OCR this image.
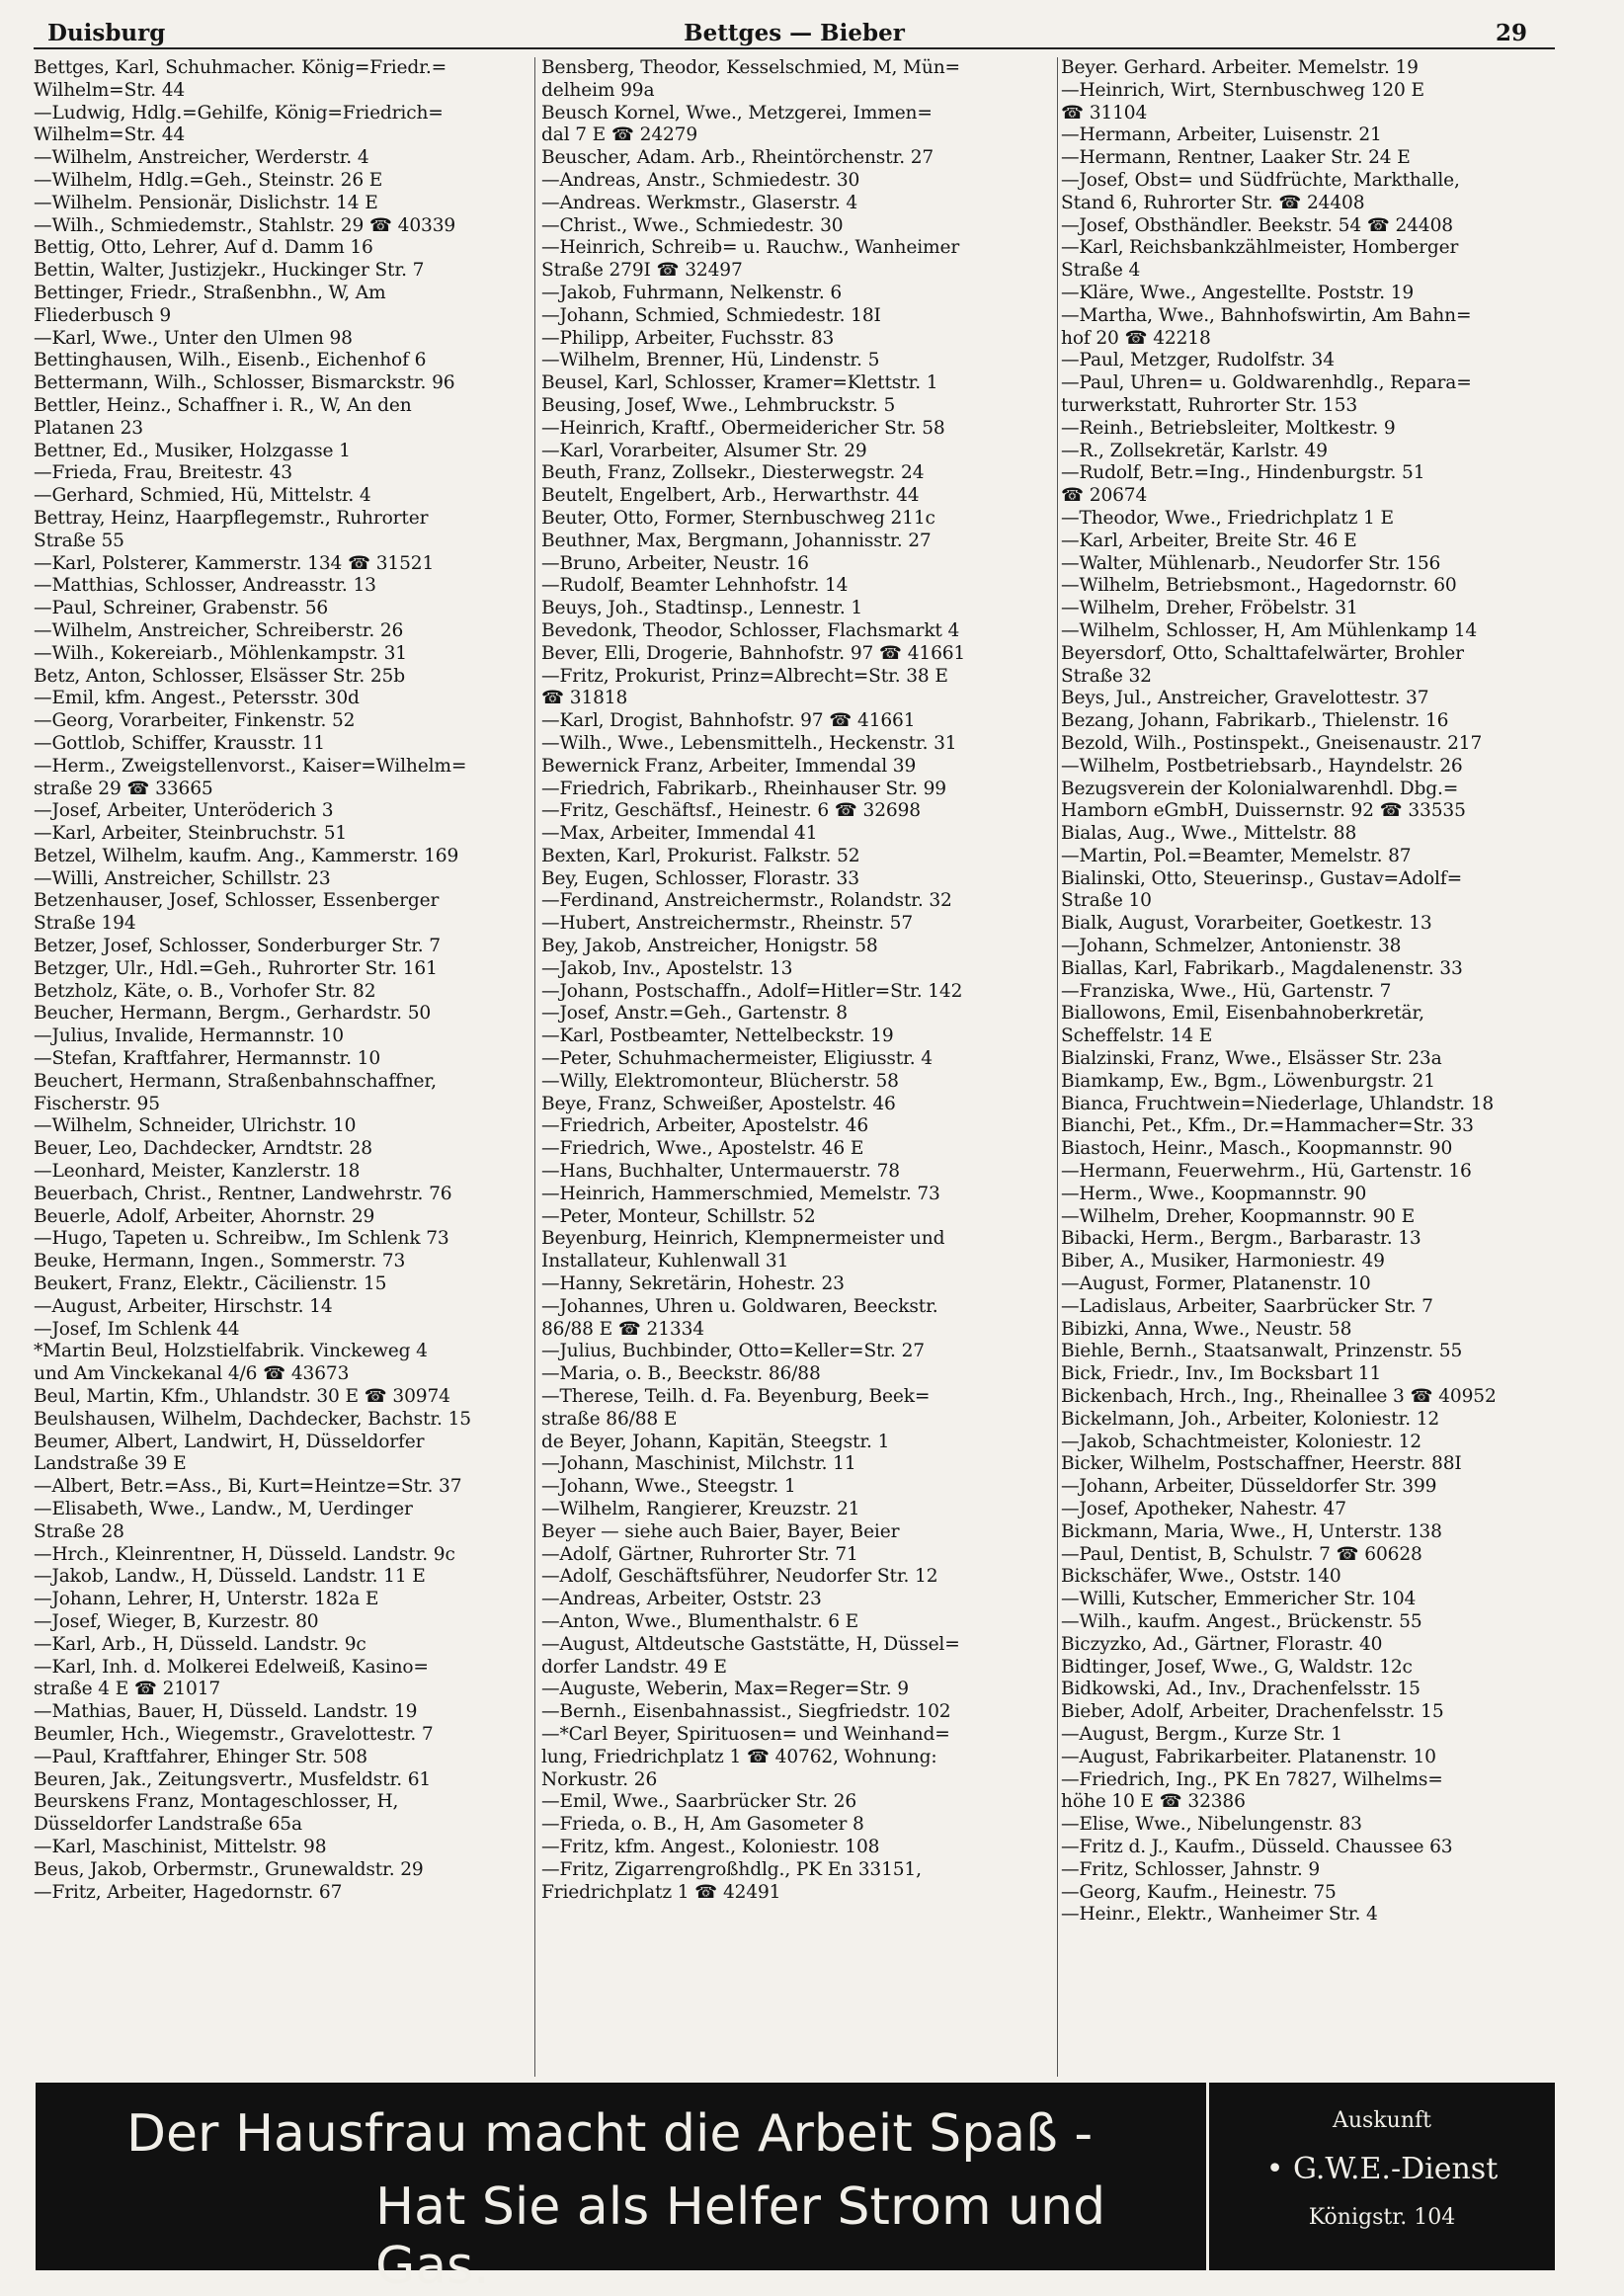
Bettges — Bieber
Duisburg	29
Bettges, Karl, Schuhmacher. König=Friedr.=
Wilhelm=Str. 44
—Ludwig, Hdlg.=Gehilfe, König=Friedrich=
Wilhelm=Str. 44
—Wilhelm, Anstreicher, Werderstr. 4
—Wilhelm, Hdlg.=Geh., Steinstr. 26 E
—Wilhelm. Pensionär, Dislichstr. 14 E
—Wilh., Schmiedemstr., Stahlstr. 29 ☎ 40339
Bettig, Otto, Lehrer, Auf d. Damm 16
Bettin, Walter, Justizjekr., Huckinger Str. 7
Bettinger, Friedr., Straßenbhn., W, Am
Fliederbusch 9
—Karl, Wwe., Unter den Ulmen 98
Bettinghausen, Wilh., Eisenb., Eichenhof 6
Bettermann, Wilh., Schlosser, Bismarckstr. 96
Bettler, Heinz., Schaffner i. R., W, An den
Platanen 23
Bettner, Ed., Musiker, Holzgasse 1
—Frieda, Frau, Breitestr. 43
—Gerhard, Schmied, Hü, Mittelstr. 4
Bettray, Heinz, Haarpflegemstr., Ruhrorter
Straße 55
—Karl, Polsterer, Kammerstr. 134 ☎ 31521
—Matthias, Schlosser, Andreasstr. 13
—Paul, Schreiner, Grabenstr. 56
—Wilhelm, Anstreicher, Schreiberstr. 26
—Wilh., Kokereiarb., Möhlenkampstr. 31
Betz, Anton, Schlosser, Elsässer Str. 25b
—Emil, kfm. Angest., Petersstr. 30d
—Georg, Vorarbeiter, Finkenstr. 52
—Gottlob, Schiffer, Krausstr. 11
—Herm., Zweigstellenvorst., Kaiser=Wilhelm=
straße 29 ☎ 33665
—Josef, Arbeiter, Unteröderich 3
—Karl, Arbeiter, Steinbruchstr. 51
Betzel, Wilhelm, kaufm. Ang., Kammerstr. 169
—Willi, Anstreicher, Schillstr. 23
Betzenhauser, Josef, Schlosser, Essenberger
Straße 194
Betzer, Josef, Schlosser, Sonderburger Str. 7
Betzger, Ulr., Hdl.=Geh., Ruhrorter Str. 161
Betzholz, Käte, o. B., Vorhofer Str. 82
Beucher, Hermann, Bergm., Gerhardstr. 50
—Julius, Invalide, Hermannstr. 10
—Stefan, Kraftfahrer, Hermannstr. 10
Beuchert, Hermann, Straßenbahnschaffner,
Fischerstr. 95
—Wilhelm, Schneider, Ulrichstr. 10
Beuer, Leo, Dachdecker, Arndtstr. 28
—Leonhard, Meister, Kanzlerstr. 18
Beuerbach, Christ., Rentner, Landwehrstr. 76
Beuerle, Adolf, Arbeiter, Ahornstr. 29
—Hugo, Tapeten u. Schreibw., Im Schlenk 73
Beuke, Hermann, Ingen., Sommerstr. 73
Beukert, Franz, Elektr., Cäcilienstr. 15
—August, Arbeiter, Hirschstr. 14
—Josef, Im Schlenk 44
*Martin Beul, Holzstielfabrik. Vinckeweg 4
und Am Vinckekanal 4/6 ☎ 43673
Beul, Martin, Kfm., Uhlandstr. 30 E ☎ 30974
Beulshausen, Wilhelm, Dachdecker, Bachstr. 15
Beumer, Albert, Landwirt, H, Düsseldorfer
Landstraße 39 E
—Albert, Betr.=Ass., Bi, Kurt=Heintze=Str. 37
—Elisabeth, Wwe., Landw., M, Uerdinger
Straße 28
—Hrch., Kleinrentner, H, Düsseld. Landstr. 9c
—Jakob, Landw., H, Düsseld. Landstr. 11 E
—Johann, Lehrer, H, Unterstr. 182a E
—Josef, Wieger, B, Kurzestr. 80
—Karl, Arb., H, Düsseld. Landstr. 9c
—Karl, Inh. d. Molkerei Edelweiß, Kasino=
straße 4 E ☎ 21017
—Mathias, Bauer, H, Düsseld. Landstr. 19
Beumler, Hch., Wiegemstr., Gravelottestr. 7
—Paul, Kraftfahrer, Ehinger Str. 508
Beuren, Jak., Zeitungsvertr., Musfeldstr. 61
Beurskens Franz, Montageschlosser, H,
Düsseldorfer Landstraße 65a
—Karl, Maschinist, Mittelstr. 98
Beus, Jakob, Orbermstr., Grunewaldstr. 29
—Fritz, Arbeiter, Hagedornstr. 67
Bensberg, Theodor, Kesselschmied, M, Mün=
delheim 99a
Beusch Kornel, Wwe., Metzgerei, Immen=
dal 7 E ☎ 24279
Beuscher, Adam. Arb., Rheintörchenstr. 27
—Andreas, Anstr., Schmiedestr. 30
—Andreas. Werkmstr., Glaserstr. 4
—Christ., Wwe., Schmiedestr. 30
—Heinrich, Schreib= u. Rauchw., Wanheimer
Straße 279I ☎ 32497
—Jakob, Fuhrmann, Nelkenstr. 6
—Johann, Schmied, Schmiedestr. 18I
—Philipp, Arbeiter, Fuchsstr. 83
—Wilhelm, Brenner, Hü, Lindenstr. 5
Beusel, Karl, Schlosser, Kramer=Klettstr. 1
Beusing, Josef, Wwe., Lehmbruckstr. 5
—Heinrich, Kraftf., Obermeidericher Str. 58
—Karl, Vorarbeiter, Alsumer Str. 29
Beuth, Franz, Zollsekr., Diesterwegstr. 24
Beutelt, Engelbert, Arb., Herwarthstr. 44
Beuter, Otto, Former, Sternbuschweg 211c
Beuthner, Max, Bergmann, Johannisstr. 27
—Bruno, Arbeiter, Neustr. 16
—Rudolf, Beamter Lehnhofstr. 14
Beuys, Joh., Stadtinsp., Lennestr. 1
Bevedonk, Theodor, Schlosser, Flachsmarkt 4
Bever, Elli, Drogerie, Bahnhofstr. 97 ☎ 41661
—Fritz, Prokurist, Prinz=Albrecht=Str. 38 E
☎ 31818
—Karl, Drogist, Bahnhofstr. 97 ☎ 41661
—Wilh., Wwe., Lebensmittelh., Heckenstr. 31
Bewernick Franz, Arbeiter, Immendal 39
—Friedrich, Fabrikarb., Rheinhauser Str. 99
—Fritz, Geschäftsf., Heinestr. 6 ☎ 32698
—Max, Arbeiter, Immendal 41
Bexten, Karl, Prokurist. Falkstr. 52
Bey, Eugen, Schlosser, Florastr. 33
—Ferdinand, Anstreichermstr., Rolandstr. 32
—Hubert, Anstreichermstr., Rheinstr. 57
Bey, Jakob, Anstreicher, Honigstr. 58
—Jakob, Inv., Apostelstr. 13
—Johann, Postschaffn., Adolf=Hitler=Str. 142
—Josef, Anstr.=Geh., Gartenstr. 8
—Karl, Postbeamter, Nettelbeckstr. 19
—Peter, Schuhmachermeister, Eligiusstr. 4
—Willy, Elektromonteur, Blücherstr. 58
Beye, Franz, Schweißer, Apostelstr. 46
—Friedrich, Arbeiter, Apostelstr. 46
—Friedrich, Wwe., Apostelstr. 46 E
—Hans, Buchhalter, Untermauerstr. 78
—Heinrich, Hammerschmied, Memelstr. 73
—Peter, Monteur, Schillstr. 52
Beyenburg, Heinrich, Klempnermeister und
Installateur, Kuhlenwall 31
—Hanny, Sekretärin, Hohestr. 23
—Johannes, Uhren u. Goldwaren, Beeckstr.
86/88 E ☎ 21334
—Julius, Buchbinder, Otto=Keller=Str. 27
—Maria, o. B., Beeckstr. 86/88
—Therese, Teilh. d. Fa. Beyenburg, Beek=
straße 86/88 E
de Beyer, Johann, Kapitän, Steegstr. 1
—Johann, Maschinist, Milchstr. 11
—Johann, Wwe., Steegstr. 1
—Wilhelm, Rangierer, Kreuzstr. 21
Beyer — siehe auch Baier, Bayer, Beier
—Adolf, Gärtner, Ruhrorter Str. 71
—Adolf, Geschäftsführer, Neudorfer Str. 12
—Andreas, Arbeiter, Oststr. 23
—Anton, Wwe., Blumenthalstr. 6 E
—August, Altdeutsche Gaststätte, H, Düssel=
dorfer Landstr. 49 E
—Auguste, Weberin, Max=Reger=Str. 9
—Bernh., Eisenbahnassist., Siegfriedstr. 102
—*Carl Beyer, Spirituosen= und Weinhand=
lung, Friedrichplatz 1 ☎ 40762, Wohnung:
Norkustr. 26
—Emil, Wwe., Saarbrücker Str. 26
—Frieda, o. B., H, Am Gasometer 8
—Fritz, kfm. Angest., Koloniestr. 108
—Fritz, Zigarrengroßhdlg., PK En 33151,
Friedrichplatz 1 ☎ 42491
Beyer. Gerhard. Arbeiter. Memelstr. 19
—Heinrich, Wirt, Sternbuschweg 120 E
☎ 31104
—Hermann, Arbeiter, Luisenstr. 21
—Hermann, Rentner, Laaker Str. 24 E
—Josef, Obst= und Südfrüchte, Markthalle,
Stand 6, Ruhrorter Str. ☎ 24408
—Josef, Obsthändler. Beekstr. 54 ☎ 24408
—Karl, Reichsbankzählmeister, Homberger
Straße 4
—Kläre, Wwe., Angestellte. Poststr. 19
—Martha, Wwe., Bahnhofswirtin, Am Bahn=
hof 20 ☎ 42218
—Paul, Metzger, Rudolfstr. 34
—Paul, Uhren= u. Goldwarenhdlg., Repara=
turwerkstatt, Ruhrorter Str. 153
—Reinh., Betriebsleiter, Moltkestr. 9
—R., Zollsekretär, Karlstr. 49
—Rudolf, Betr.=Ing., Hindenburgstr. 51
☎ 20674
—Theodor, Wwe., Friedrichplatz 1 E
—Karl, Arbeiter, Breite Str. 46 E
—Walter, Mühlenarb., Neudorfer Str. 156
—Wilhelm, Betriebsmont., Hagedornstr. 60
—Wilhelm, Dreher, Fröbelstr. 31
—Wilhelm, Schlosser, H, Am Mühlenkamp 14
Beyersdorf, Otto, Schalttafelwärter, Brohler
Straße 32
Beys, Jul., Anstreicher, Gravelottestr. 37
Bezang, Johann, Fabrikarb., Thielenstr. 16
Bezold, Wilh., Postinspekt., Gneisenaustr. 217
—Wilhelm, Postbetriebsarb., Hayndelstr. 26
Bezugsverein der Kolonialwarenhdl. Dbg.=
Hamborn eGmbH, Duissernstr. 92 ☎ 33535
Bialas, Aug., Wwe., Mittelstr. 88
—Martin, Pol.=Beamter, Memelstr. 87
Bialinski, Otto, Steuerinsp., Gustav=Adolf=
Straße 10
Bialk, August, Vorarbeiter, Goetkestr. 13
—Johann, Schmelzer, Antonienstr. 38
Biallas, Karl, Fabrikarb., Magdalenenstr. 33
—Franziska, Wwe., Hü, Gartenstr. 7
Biallowons, Emil, Eisenbahnoberkretär,
Scheffelstr. 14 E
Bialzinski, Franz, Wwe., Elsässer Str. 23a
Biamkamp, Ew., Bgm., Löwenburgstr. 21
Bianca, Fruchtwein=Niederlage, Uhlandstr. 18
Bianchi, Pet., Kfm., Dr.=Hammacher=Str. 33
Biastoch, Heinr., Masch., Koopmannstr. 90
—Hermann, Feuerwehrm., Hü, Gartenstr. 16
—Herm., Wwe., Koopmannstr. 90
—Wilhelm, Dreher, Koopmannstr. 90 E
Bibacki, Herm., Bergm., Barbarastr. 13
Biber, A., Musiker, Harmoniestr. 49
—August, Former, Platanenstr. 10
—Ladislaus, Arbeiter, Saarbrücker Str. 7
Bibizki, Anna, Wwe., Neustr. 58
Biehle, Bernh., Staatsanwalt, Prinzenstr. 55
Bick, Friedr., Inv., Im Bocksbart 11
Bickenbach, Hrch., Ing., Rheinallee 3 ☎ 40952
Bickelmann, Joh., Arbeiter, Koloniestr. 12
—Jakob, Schachtmeister, Koloniestr. 12
Bicker, Wilhelm, Postschaffner, Heerstr. 88I
—Johann, Arbeiter, Düsseldorfer Str. 399
—Josef, Apotheker, Nahestr. 47
Bickmann, Maria, Wwe., H, Unterstr. 138
—Paul, Dentist, B, Schulstr. 7 ☎ 60628
Bickschäfer, Wwe., Oststr. 140
—Willi, Kutscher, Emmericher Str. 104
—Wilh., kaufm. Angest., Brückenstr. 55
Biczyzko, Ad., Gärtner, Florastr. 40
Bidtinger, Josef, Wwe., G, Waldstr. 12c
Bidkowski, Ad., Inv., Drachenfelsstr. 15
Bieber, Adolf, Arbeiter, Drachenfelsstr. 15
—August, Bergm., Kurze Str. 1
—August, Fabrikarbeiter. Platanenstr. 10
—Friedrich, Ing., PK En 7827, Wilhelms=
höhe 10 E ☎ 32386
—Elise, Wwe., Nibelungenstr. 83
—Fritz d. J., Kaufm., Düsseld. Chaussee 63
—Fritz, Schlosser, Jahnstr. 9
—Georg, Kaufm., Heinestr. 75
—Heinr., Elektr., Wanheimer Str. 4
Der Hausfrau macht die Arbeit Spaß -
Hat Sie als Helfer Strom und Gas.
Auskunft
• G.W.E.-Dienst
Königstr. 104
